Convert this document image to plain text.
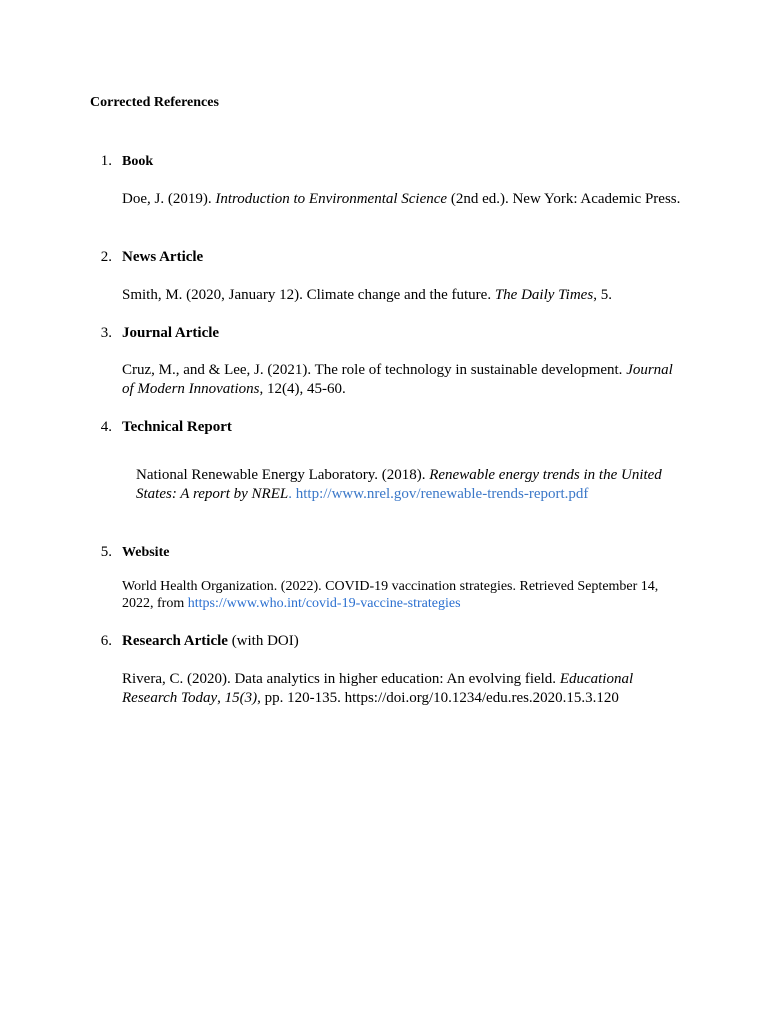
Corrected References
1. Book
Doe, J. (2019). Introduction to Environmental Science (2nd ed.). New York: Academic Press.
2. News Article
Smith, M. (2020, January 12). Climate change and the future. The Daily Times, 5.
3. Journal Article
Cruz, M., and & Lee, J. (2021). The role of technology in sustainable development. Journal of Modern Innovations, 12(4), 45-60.
4. Technical Report
National Renewable Energy Laboratory. (2018). Renewable energy trends in the United States: A report by NREL. http://www.nrel.gov/renewable-trends-report.pdf
5. Website
World Health Organization. (2022). COVID-19 vaccination strategies. Retrieved September 14, 2022, from https://www.who.int/covid-19-vaccine-strategies
6. Research Article (with DOI)
Rivera, C. (2020). Data analytics in higher education: An evolving field. Educational Research Today, 15(3), pp. 120-135. https://doi.org/10.1234/edu.res.2020.15.3.120
